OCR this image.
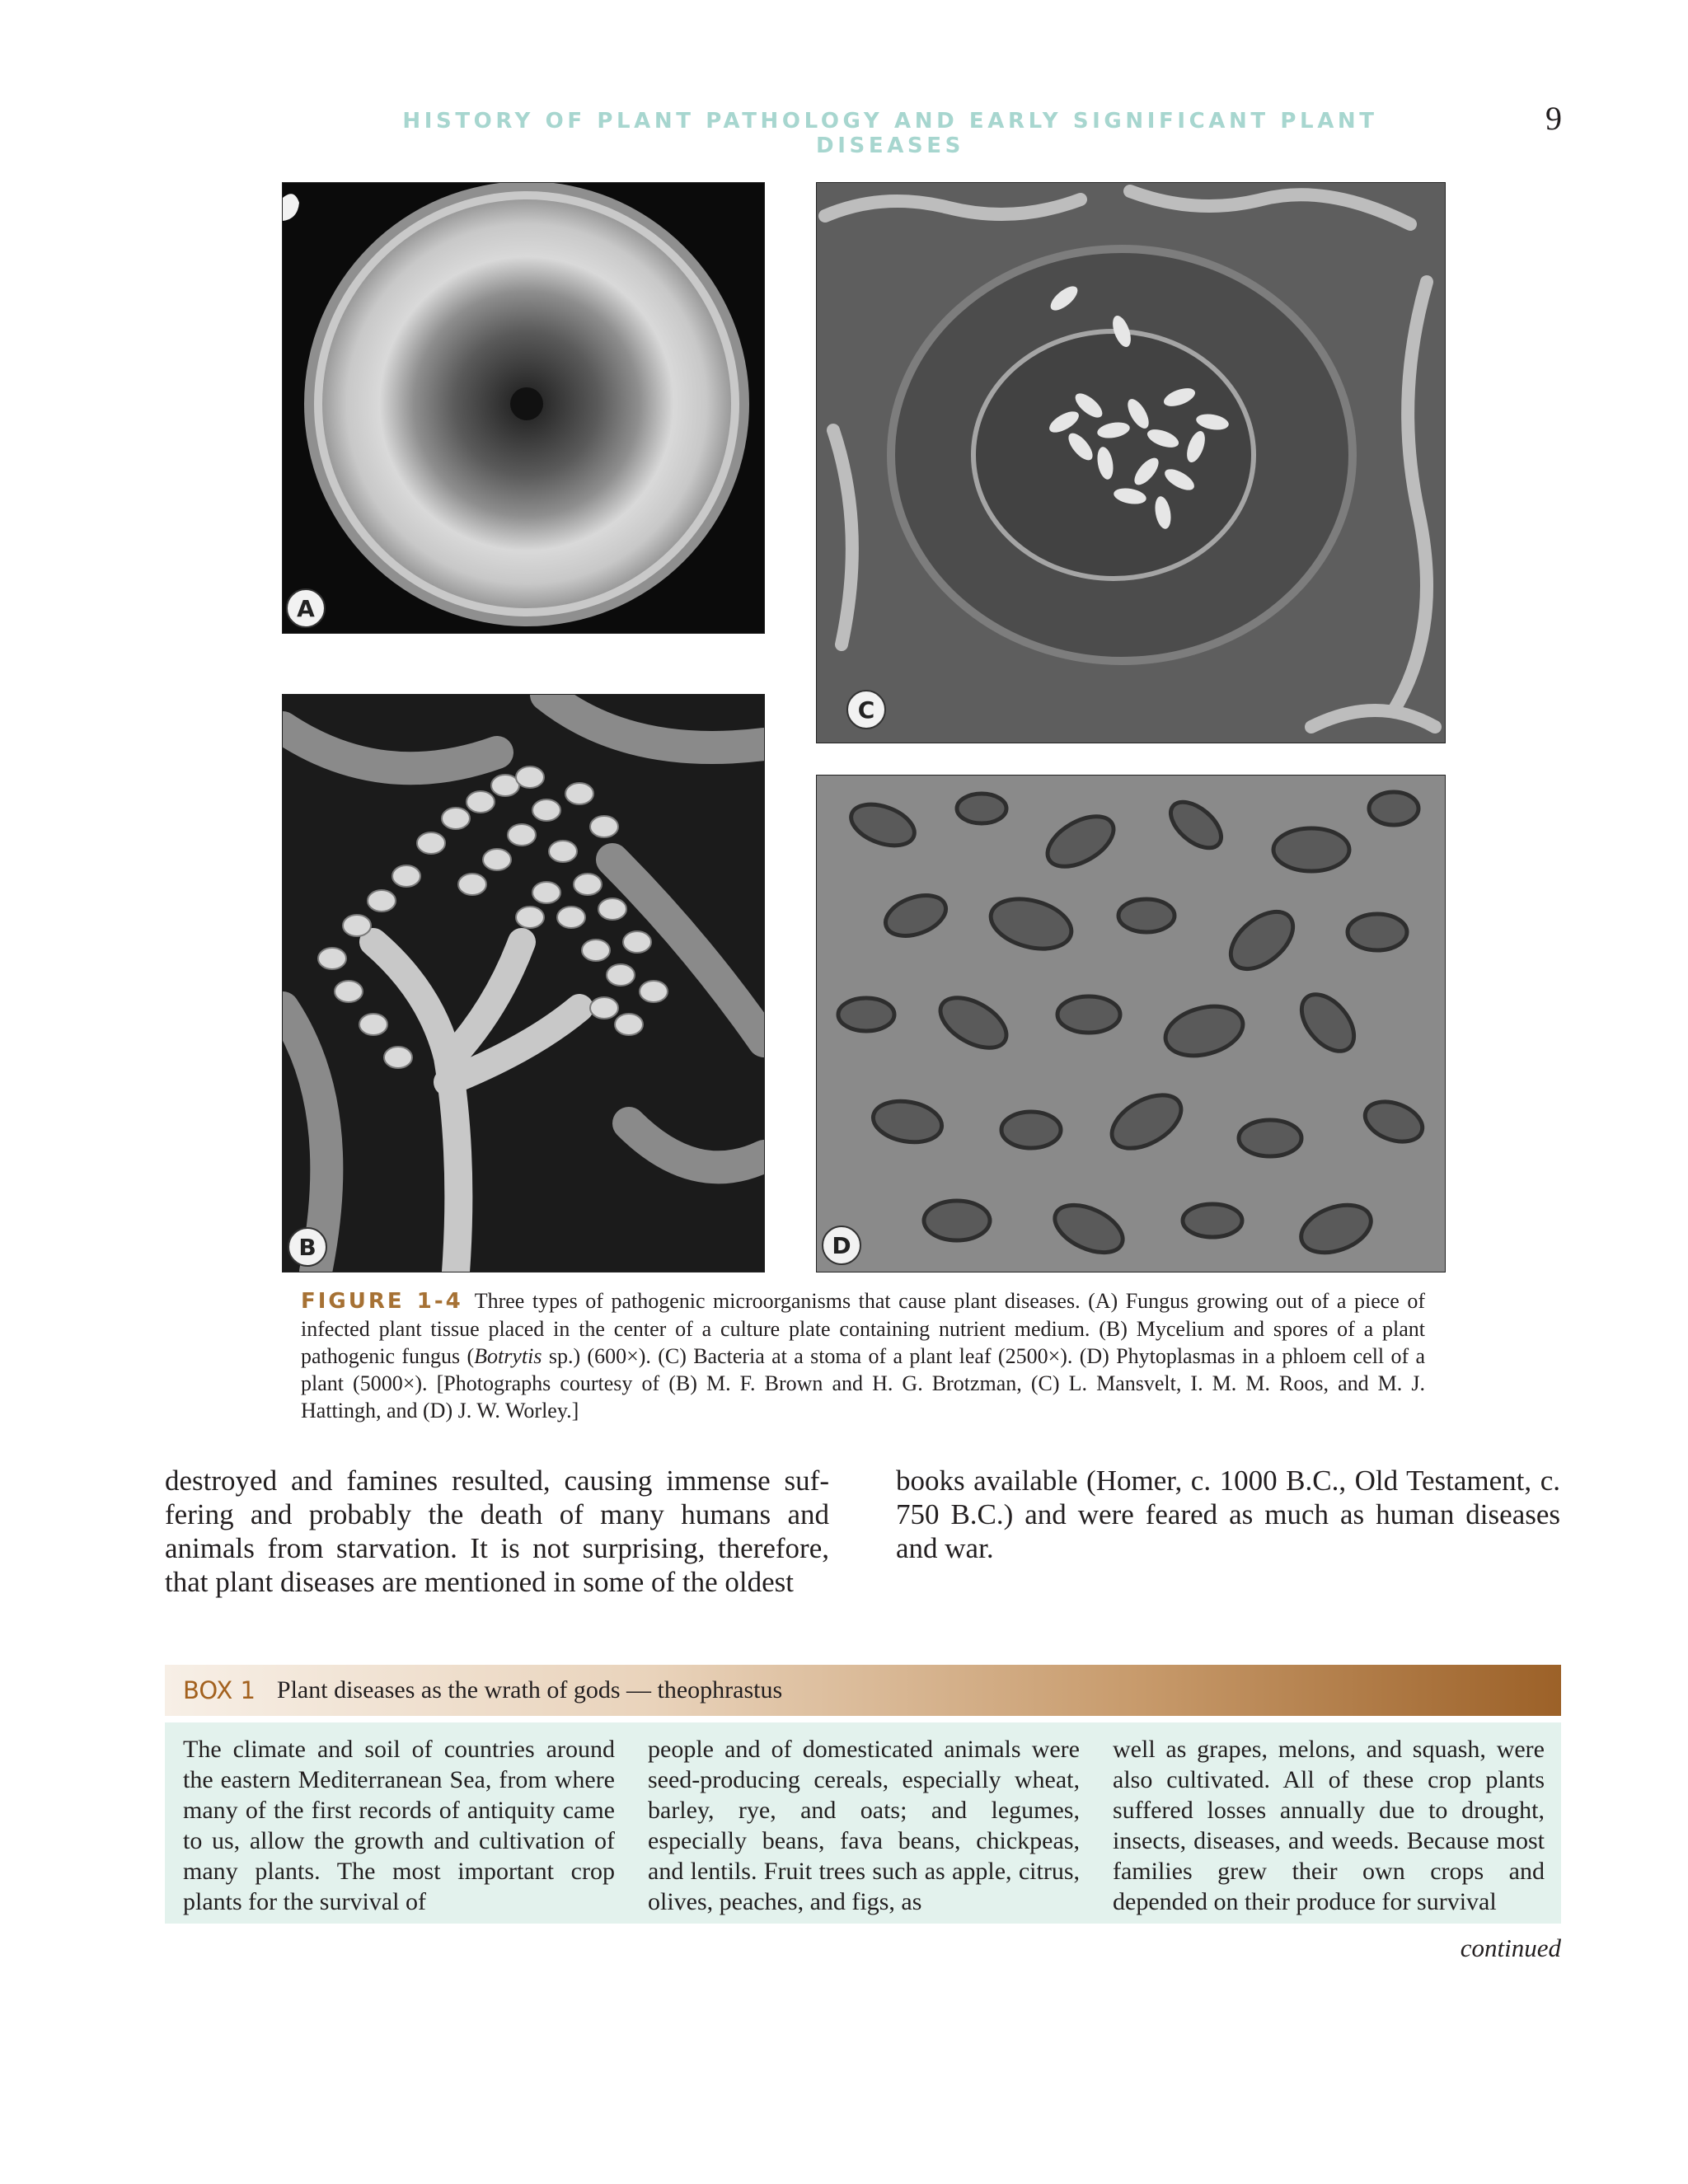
HISTORY OF PLANT PATHOLOGY AND EARLY SIGNIFICANT PLANT DISEASES
9
A
C
B	D
FIGURE 1-4 Three types of pathogenic microorganisms that cause plant diseases. (A) Fungus growing out of a piece of infected plant tissue placed in the center of a culture plate containing nutrient medium. (B) Mycelium and spores of a plant pathogenic fungus (Botrytis sp.) (600×). (C) Bacteria at a stoma of a plant leaf (2500×). (D) Phytoplasmas in a phloem cell of a plant (5000×). [Photographs courtesy of (B) M. F. Brown and H. G. Brotzman, (C) L. Mansvelt, I. M. M. Roos, and M. J. Hattingh, and (D) J. W. Worley.]
destroyed and famines resulted, causing immense suffering and probably the death of many humans and animals from starvation. It is not surprising, therefore, that plant diseases are mentioned in some of the oldest
books available (Homer, c. 1000 B.C., Old Testament, c. 750 B.C.) and were feared as much as human diseases and war.
BOX 1 Plant diseases as the wrath of gods — theophrastus
The climate and soil of countries around the eastern Mediterranean Sea, from where many of the first records of antiquity came to us, allow the growth and cultivation of many plants. The most important crop plants for the survival of
people and of domesticated animals were seed-producing cereals, especially wheat, barley, rye, and oats; and legumes, especially beans, fava beans, chickpeas, and lentils. Fruit trees such as apple, citrus, olives, peaches, and figs, as
well as grapes, melons, and squash, were also cultivated. All of these crop plants suffered losses annually due to drought, insects, diseases, and weeds. Because most families grew their own crops and depended on their produce for survival
continued
